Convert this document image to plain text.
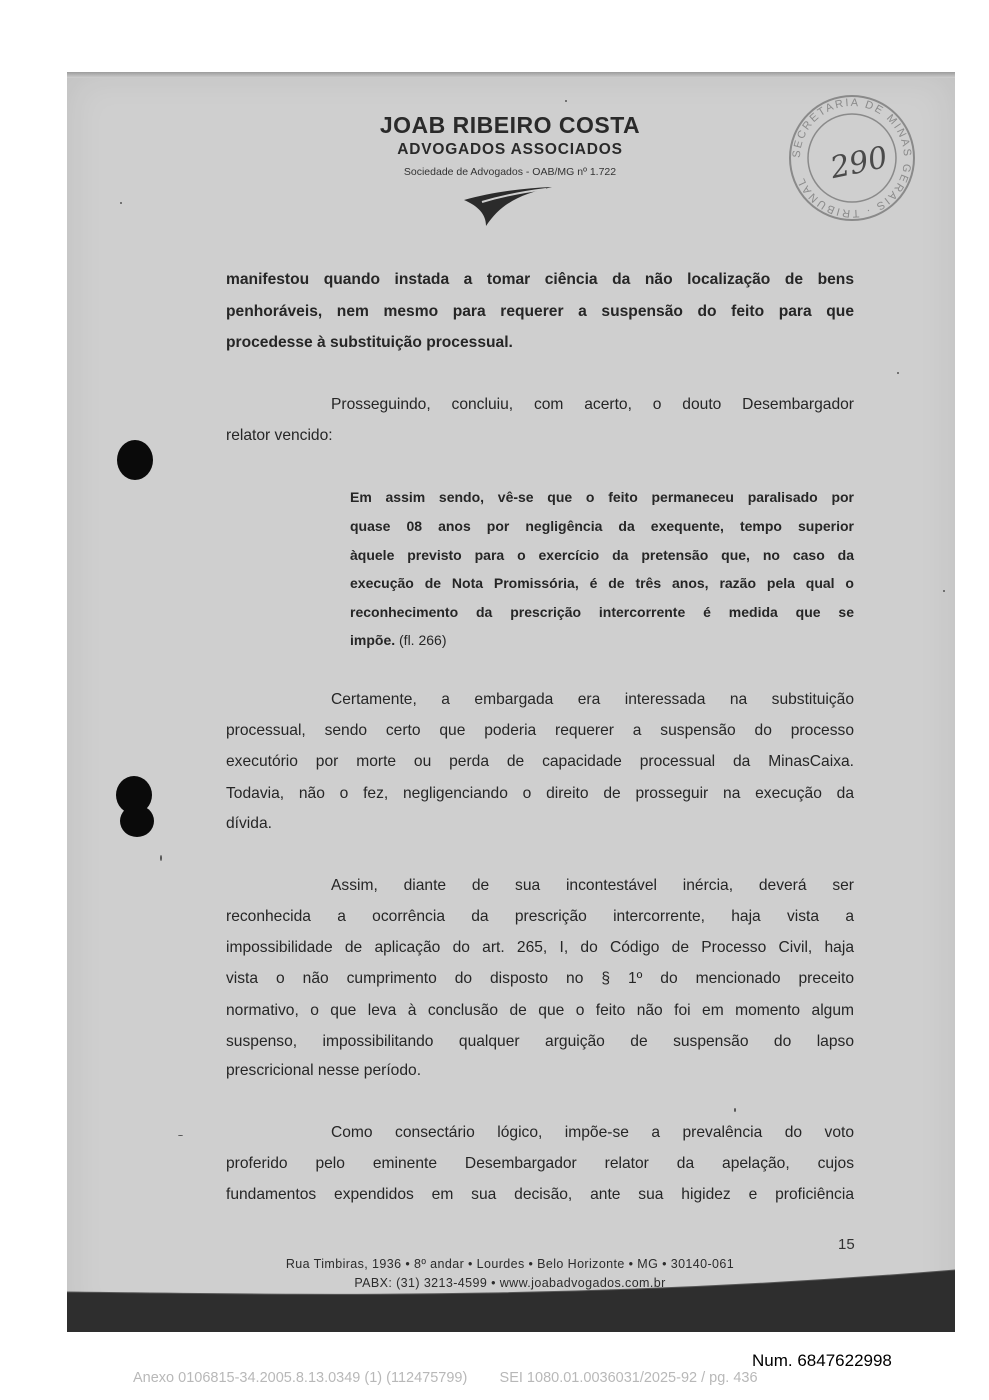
JOAB RIBEIRO COSTA
ADVOGADOS ASSOCIADOS
Sociedade de Advogados - OAB/MG nº 1.722
SECRETARIA DE MINAS GERAIS · TRIBUNAL 290
manifestou quando instada a tomar ciência da não localização de bens
penhoráveis, nem mesmo para requerer a suspensão do feito para que
procedesse à substituição processual.
Prosseguindo, concluiu, com acerto, o douto Desembargador
relator vencido:
Em assim sendo, vê-se que o feito permaneceu paralisado por
quase 08 anos por negligência da exequente, tempo superior
àquele previsto para o exercício da pretensão que, no caso da
execução de Nota Promissória, é de três anos, razão pela qual o
reconhecimento da prescrição intercorrente é medida que se
impõe. (fl. 266)
Certamente, a embargada era interessada na substituição
processual, sendo certo que poderia requerer a suspensão do processo
executório por morte ou perda de capacidade processual da MinasCaixa.
Todavia, não o fez, negligenciando o direito de prosseguir na execução da
dívida.
Assim, diante de sua incontestável inércia, deverá ser
reconhecida a ocorrência da prescrição intercorrente, haja vista a
impossibilidade de aplicação do art. 265, I, do Código de Processo Civil, haja
vista o não cumprimento do disposto no § 1º do mencionado preceito
normativo, o que leva à conclusão de que o feito não foi em momento algum
suspenso, impossibilitando qualquer arguição de suspensão do lapso
prescricional nesse período.
Como consectário lógico, impõe-se a prevalência do voto
proferido pelo eminente Desembargador relator da apelação, cujos
fundamentos expendidos em sua decisão, ante sua higidez e proficiência
15
Rua Timbiras, 1936 • 8º andar • Lourdes • Belo Horizonte • MG • 30140-061
PABX: (31) 3213-4599 • www.joabadvogados.com.br
Num. 6847622998
Anexo 0106815-34.2005.8.13.0349 (1) (112475799)        SEI 1080.01.0036031/2025-92 / pg. 436
